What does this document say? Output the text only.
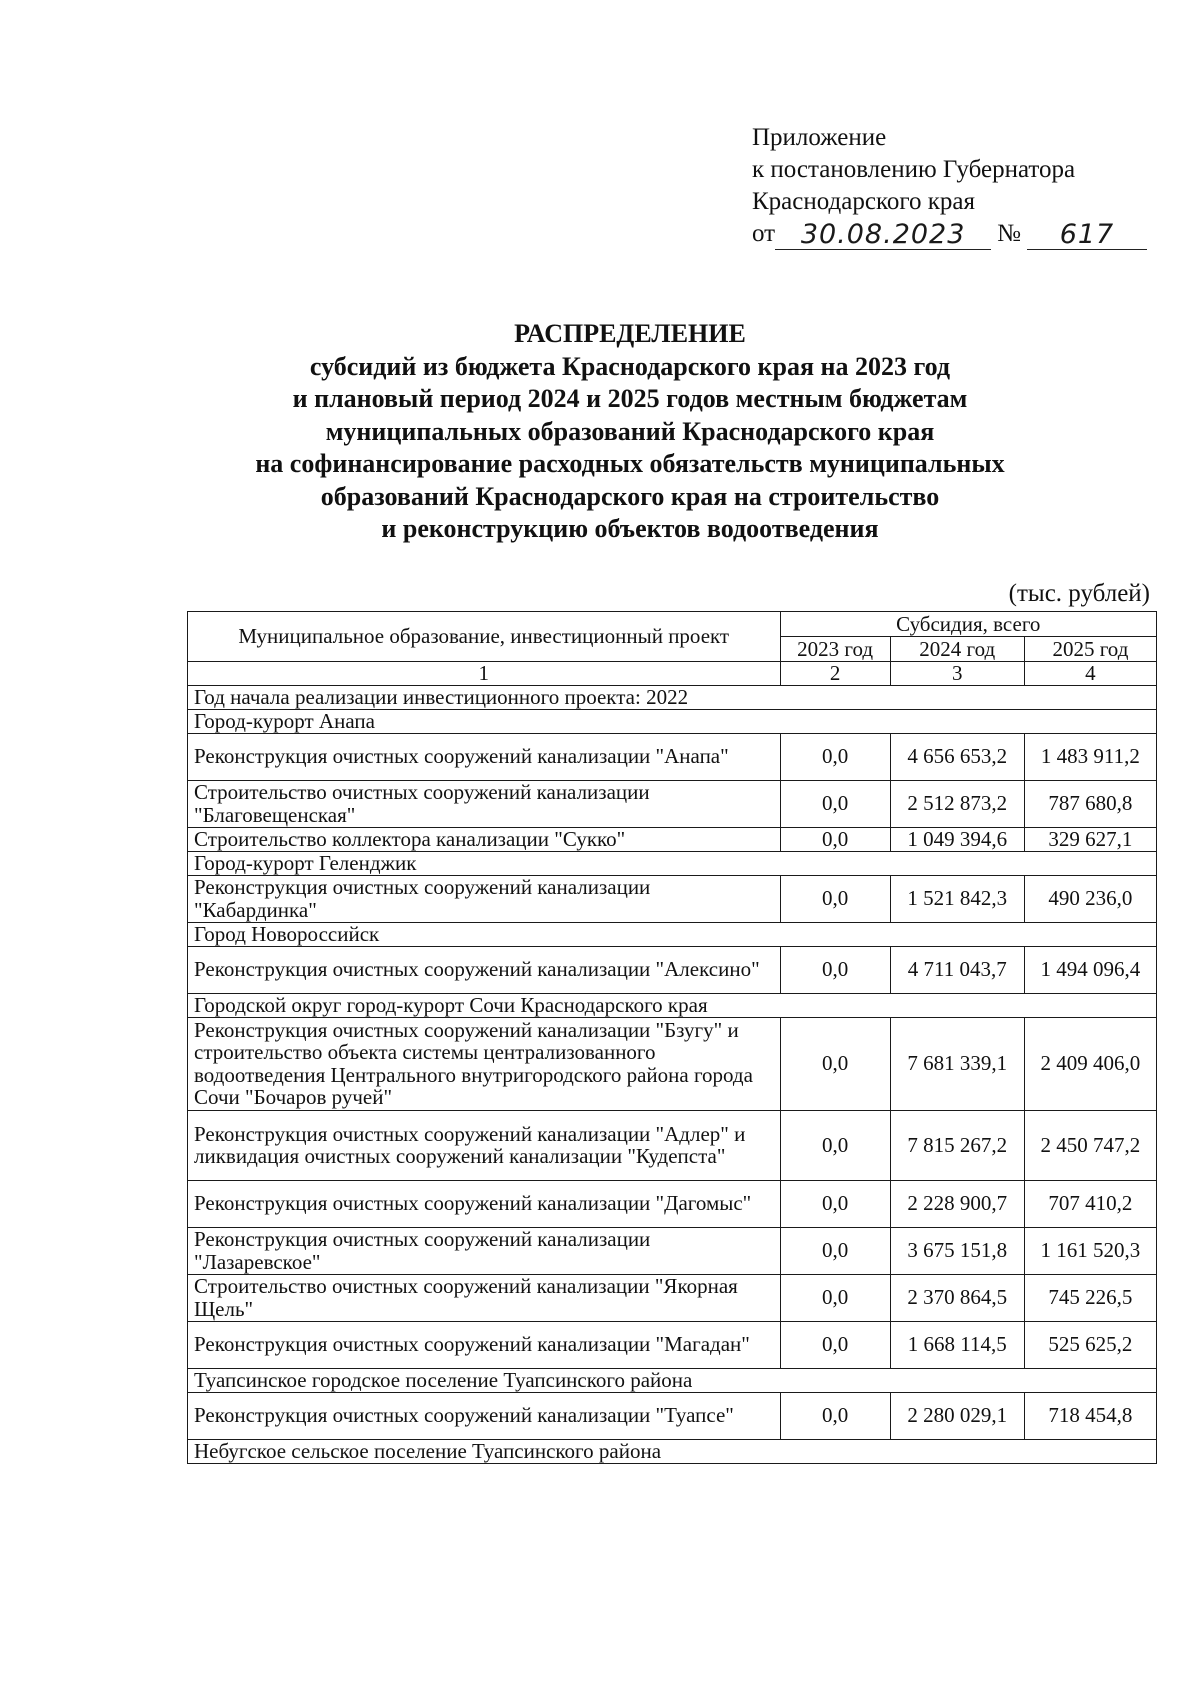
Приложение
к постановлению Губернатора
Краснодарского края
от 30.08.2023	№	617
РАСПРЕДЕЛЕНИЕ
субсидий из бюджета Краснодарского края на 2023 год
и плановый период 2024 и 2025 годов местным бюджетам
муниципальных образований Краснодарского края
на софинансирование расходных обязательств муниципальных
образований Краснодарского края на строительство
и реконструкцию объектов водоотведения
(тыс. рублей)
Муниципальное образование, инвестиционный проект	Субсидия, всего		
	2023 год	2024 год	2025 год
1	2	3	4
Год начала реализации инвестиционного проекта: 2022			
Город-курорт Анапа			
Реконструкция очистных сооружений канализации "Анапа"	0,0	4 656 653,2	1 483 911,2
Строительство очистных сооружений канализации "Благовещенская"	0,0	2 512 873,2	787 680,8
Строительство коллектора канализации "Сукко"	0,0	1 049 394,6	329 627,1
Город-курорт Геленджик			
Реконструкция очистных сооружений канализации "Кабардинка"	0,0	1 521 842,3	490 236,0
Город Новороссийск			
Реконструкция очистных сооружений канализации "Алексино"	0,0	4 711 043,7	1 494 096,4
Городской округ город-курорт Сочи Краснодарского края			
Реконструкция очистных сооружений канализации "Бзугу" и строительство объекта системы централизованного водоотведения Центрального внутригородского района города Сочи "Бочаров ручей"	0,0	7 681 339,1	2 409 406,0
Реконструкция очистных сооружений канализации "Адлер" и ликвидация очистных сооружений канализации "Кудепста"	0,0	7 815 267,2	2 450 747,2
Реконструкция очистных сооружений канализации "Дагомыс"	0,0	2 228 900,7	707 410,2
Реконструкция очистных сооружений канализации "Лазаревское"	0,0	3 675 151,8	1 161 520,3
Строительство очистных сооружений канализации "Якорная Щель"	0,0	2 370 864,5	745 226,5
Реконструкция очистных сооружений канализации "Магадан"	0,0	1 668 114,5	525 625,2
Туапсинское городское поселение Туапсинского района			
Реконструкция очистных сооружений канализации "Туапсе"	0,0	2 280 029,1	718 454,8
Небугское сельское поселение Туапсинского района			
